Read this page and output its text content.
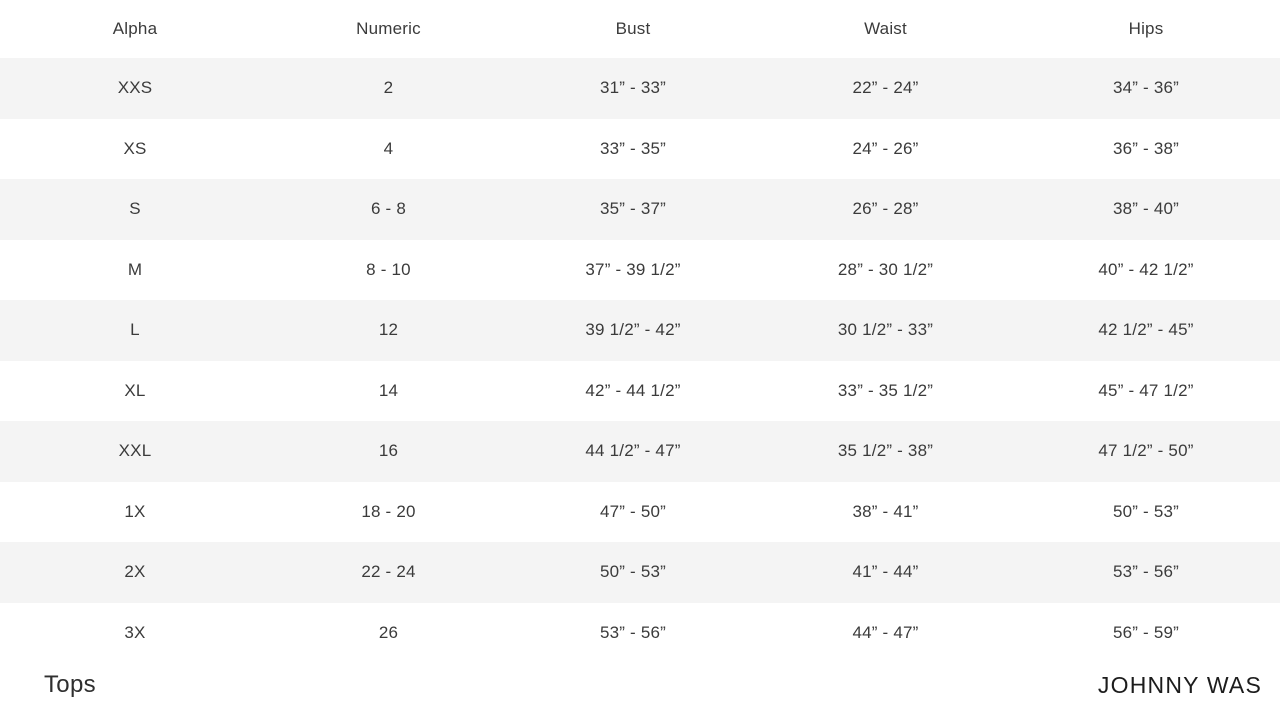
Alpha	Numeric	Bust	Waist	Hips
XXS	2	31” - 33”	22” - 24”	34” - 36”
XS	4	33” - 35”	24” - 26”	36” - 38”
S	6 - 8	35” - 37”	26” - 28”	38” - 40”
M	8 - 10	37” - 39 1/2”	28” - 30 1/2”	40” - 42 1/2”
L	12	39 1/2” - 42”	30 1/2” - 33”	42 1/2” - 45”
XL	14	42” - 44 1/2”	33” - 35 1/2”	45” - 47 1/2”
XXL	16	44 1/2” - 47”	35 1/2” - 38”	47 1/2” - 50”
1X	18 - 20	47” - 50”	38” - 41”	50” - 53”
2X	22 - 24	50” - 53”	41” - 44”	53” - 56”
3X	26	53” - 56”	44” - 47”	56” - 59”
Tops	JOHNNY WAS
